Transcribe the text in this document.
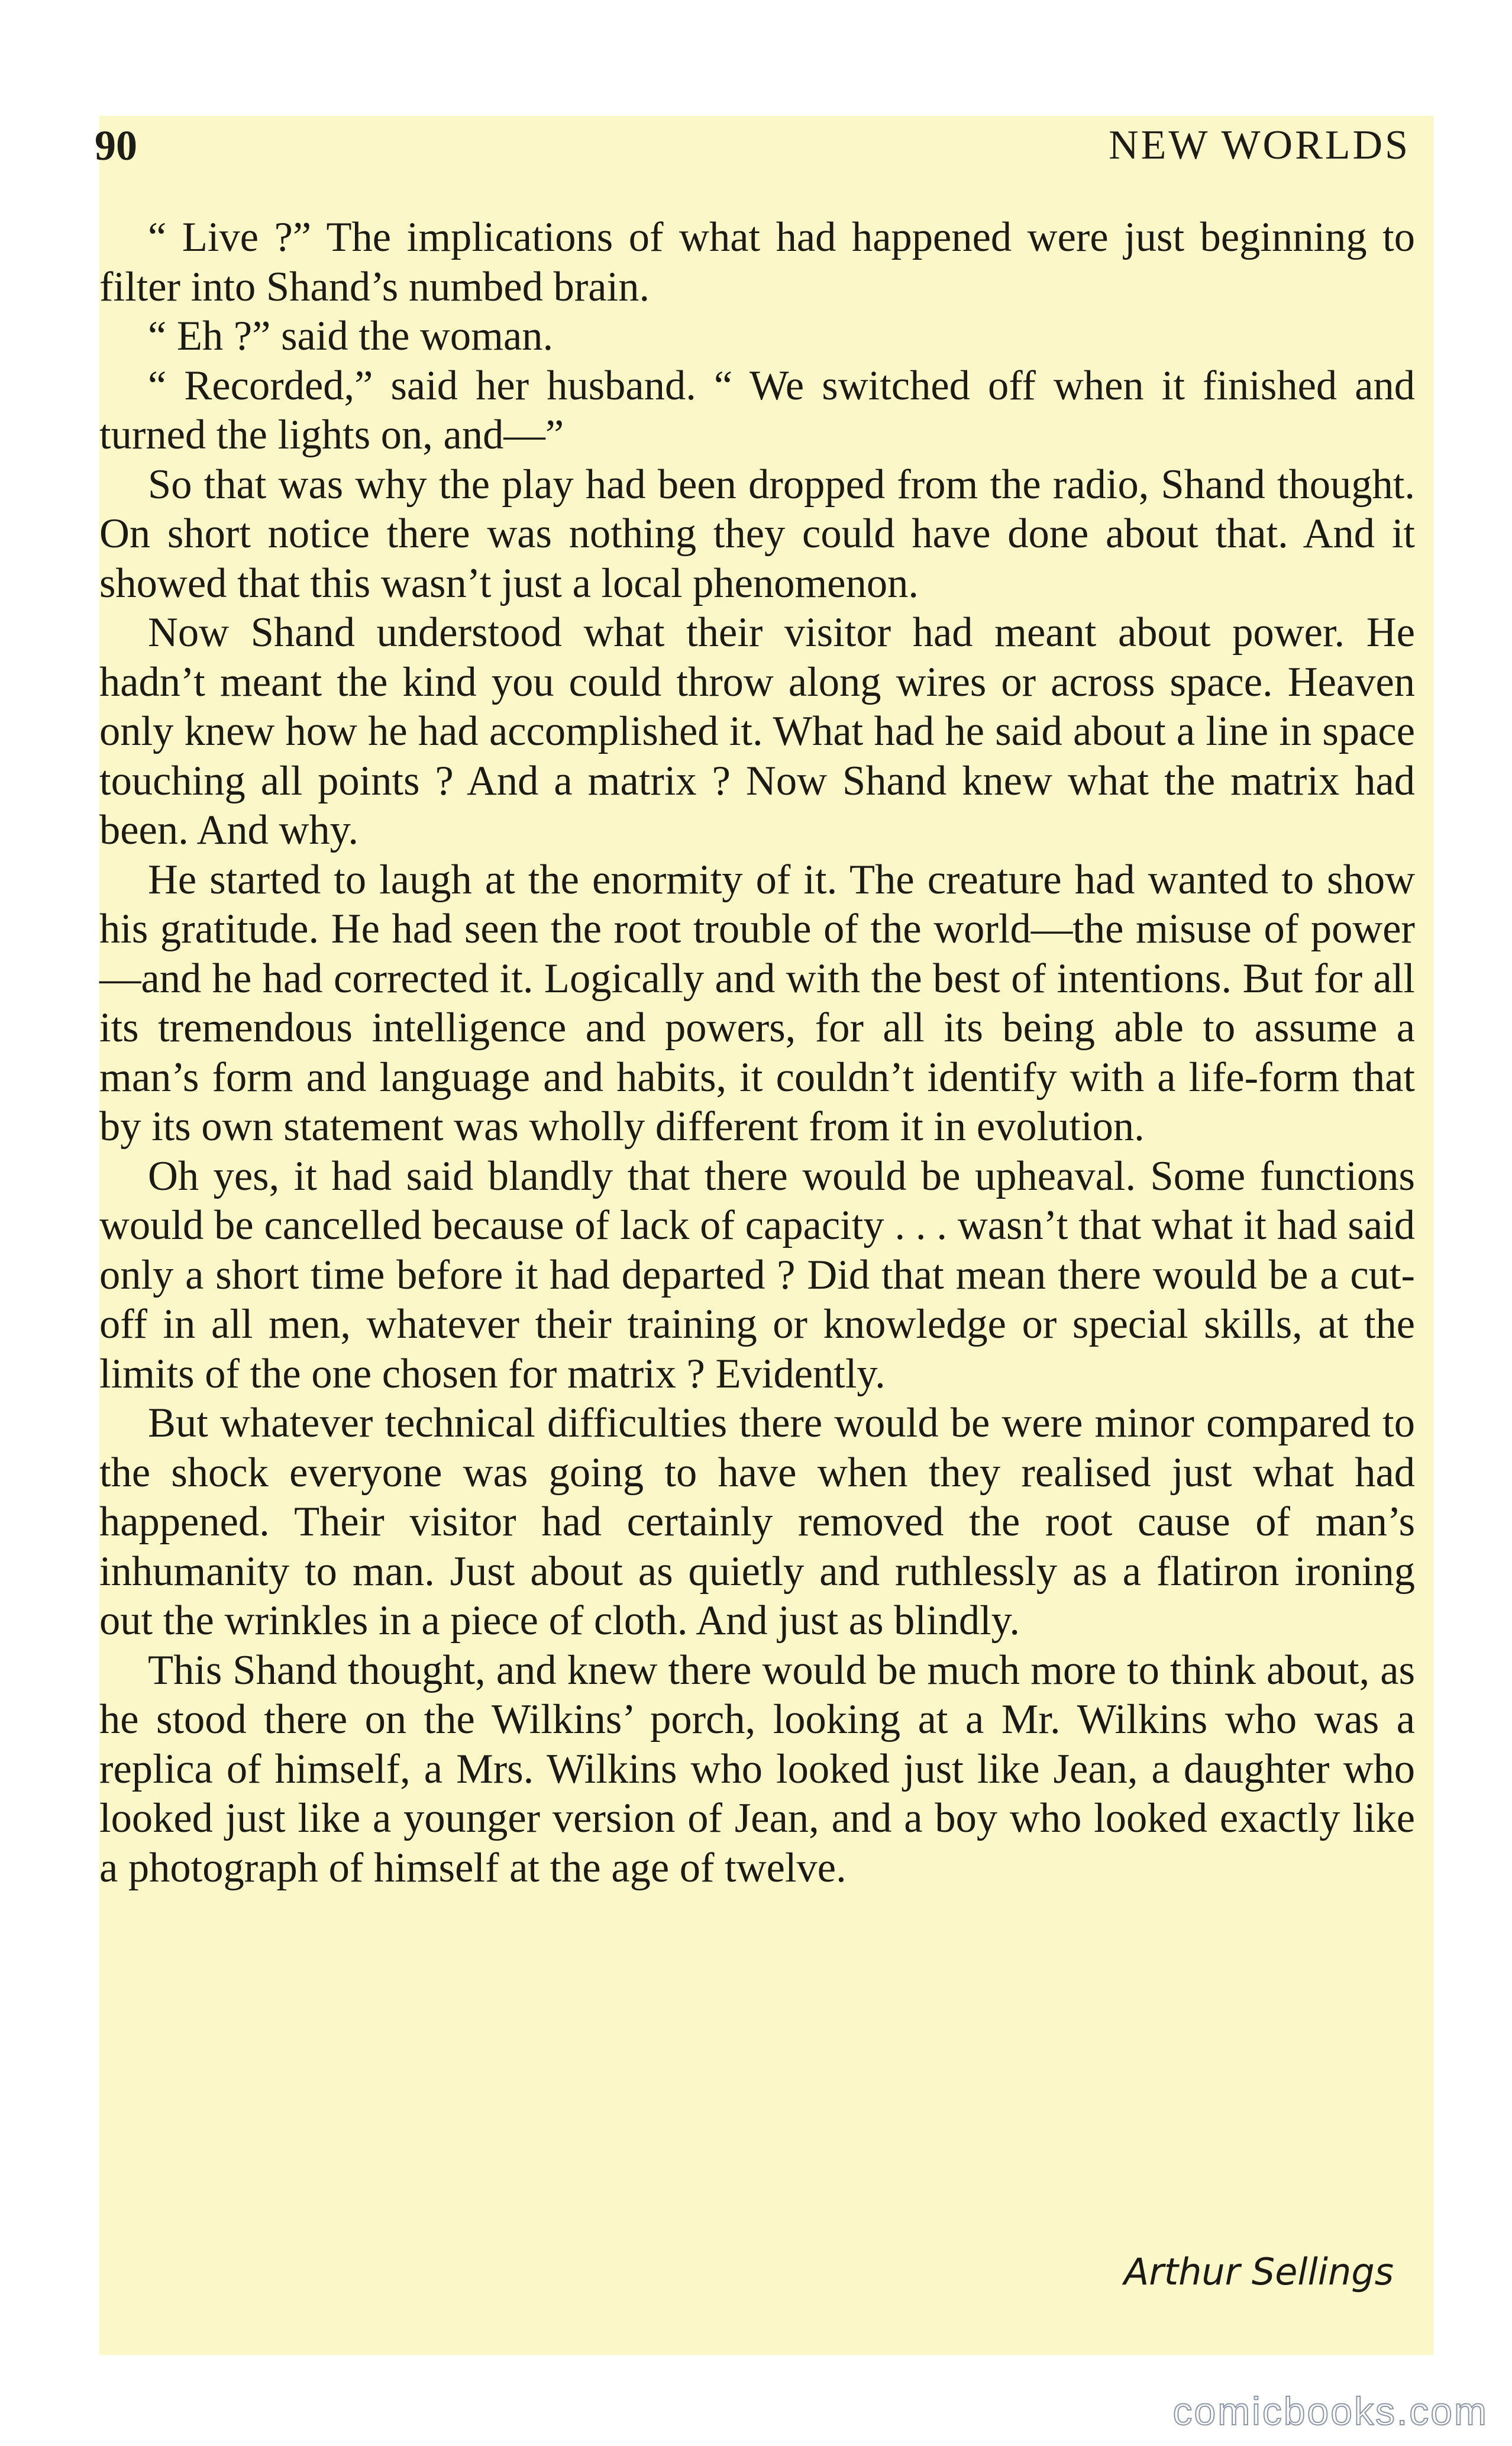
90	NEW WORLDS

“ Live ?” The implications of what had happened were just beginning to filter into Shand’s numbed brain.

“ Eh ?” said the woman.

“ Recorded,” said her husband. “ We switched off when it finished and turned the lights on, and—”

So that was why the play had been dropped from the radio, Shand thought. On short notice there was nothing they could have done about that. And it showed that this wasn’t just a local phenomenon.

Now Shand understood what their visitor had meant about power. He hadn’t meant the kind you could throw along wires or across space. Heaven only knew how he had accomplished it. What had he said about a line in space touching all points ? And a matrix ? Now Shand knew what the matrix had been. And why.

He started to laugh at the enormity of it. The creature had wanted to show his gratitude. He had seen the root trouble of the world—the misuse of power—and he had corrected it. Logically and with the best of intentions. But for all its tremendous intelligence and powers, for all its being able to assume a man’s form and language and habits, it couldn’t identify with a life-form that by its own statement was wholly different from it in evolution.

Oh yes, it had said blandly that there would be upheaval. Some functions would be cancelled because of lack of capacity . . . wasn’t that what it had said only a short time before it had departed ? Did that mean there would be a cut-off in all men, whatever their training or knowledge or special skills, at the limits of the one chosen for matrix ? Evidently.

But whatever technical difficulties there would be were minor compared to the shock everyone was going to have when they realised just what had happened. Their visitor had certainly removed the root cause of man’s inhumanity to man. Just about as quietly and ruthlessly as a flatiron ironing out the wrinkles in a piece of cloth. And just as blindly.

This Shand thought, and knew there would be much more to think about, as he stood there on the Wilkins’ porch, looking at a Mr. Wilkins who was a replica of himself, a Mrs. Wilkins who looked just like Jean, a daughter who looked just like a younger version of Jean, and a boy who looked exactly like a photograph of himself at the age of twelve.

Arthur Sellings
comicbooks.com
